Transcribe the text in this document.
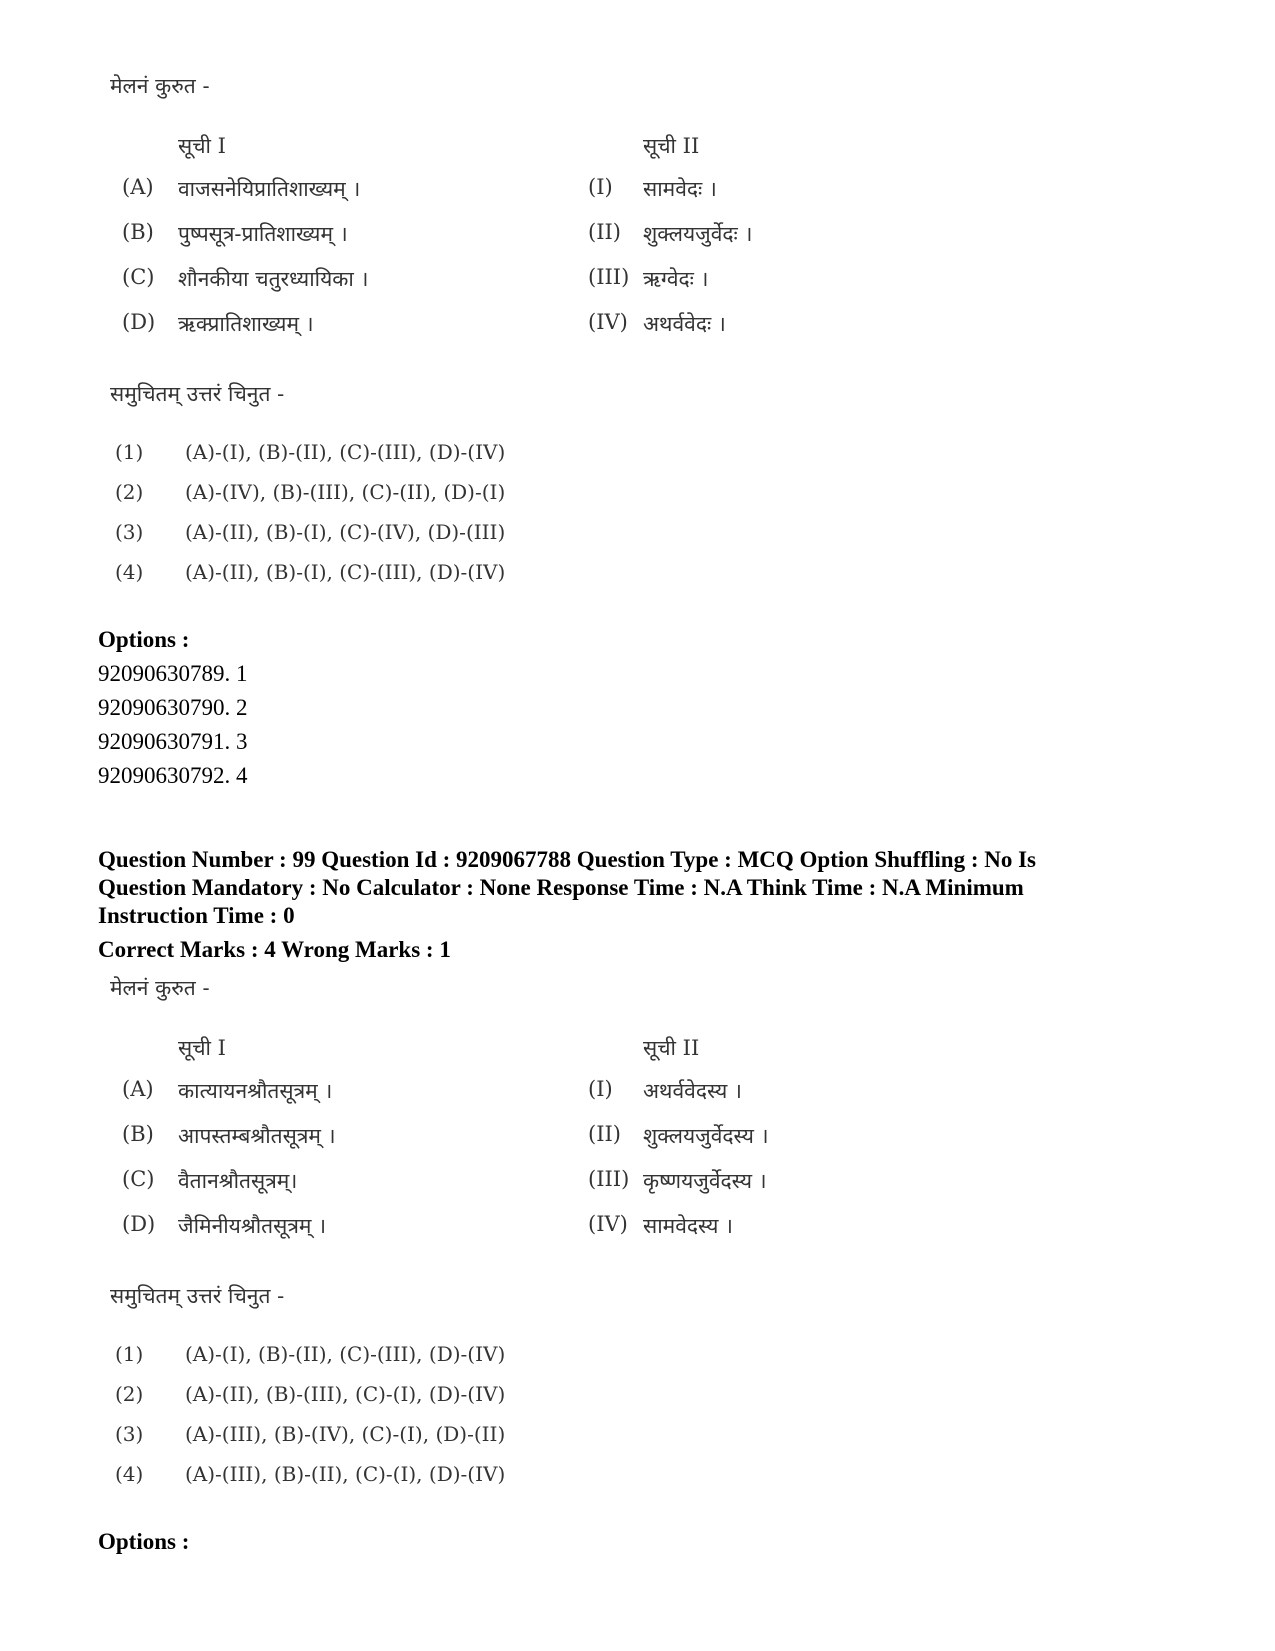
मेलनं कुरुत -
सूची I	सूची II
(A) वाजसनेयिप्रातिशाख्यम् ।	(I) सामवेदः ।
(B) पुष्पसूत्र-प्रातिशाख्यम् ।	(II) शुक्लयजुर्वेदः ।
(C) शौनकीया चतुरध्यायिका ।	(III) ऋग्वेदः ।
(D) ऋक्प्रातिशाख्यम् ।	(IV) अथर्ववेदः ।
समुचितम् उत्तरं चिनुत -
(1) (A)-(I), (B)-(II), (C)-(III), (D)-(IV)
(2) (A)-(IV), (B)-(III), (C)-(II), (D)-(I)
(3) (A)-(II), (B)-(I), (C)-(IV), (D)-(III)
(4) (A)-(II), (B)-(I), (C)-(III), (D)-(IV)
Options :
92090630789. 1
92090630790. 2
92090630791. 3
92090630792. 4
Question Number : 99 Question Id : 9209067788 Question Type : MCQ Option Shuffling : No Is
Question Mandatory : No Calculator : None Response Time : N.A Think Time : N.A Minimum
Instruction Time : 0
Correct Marks : 4 Wrong Marks : 1
मेलनं कुरुत -
सूची I	सूची II
(A) कात्यायनश्रौतसूत्रम् ।	(I) अथर्ववेदस्य ।
(B) आपस्तम्बश्रौतसूत्रम् ।	(II) शुक्लयजुर्वेदस्य ।
(C) वैतानश्रौतसूत्रम्।	(III) कृष्णयजुर्वेदस्य ।
(D) जैमिनीयश्रौतसूत्रम् ।	(IV) सामवेदस्य ।
समुचितम् उत्तरं चिनुत -
(1) (A)-(I), (B)-(II), (C)-(III), (D)-(IV)
(2) (A)-(II), (B)-(III), (C)-(I), (D)-(IV)
(3) (A)-(III), (B)-(IV), (C)-(I), (D)-(II)
(4) (A)-(III), (B)-(II), (C)-(I), (D)-(IV)
Options :
